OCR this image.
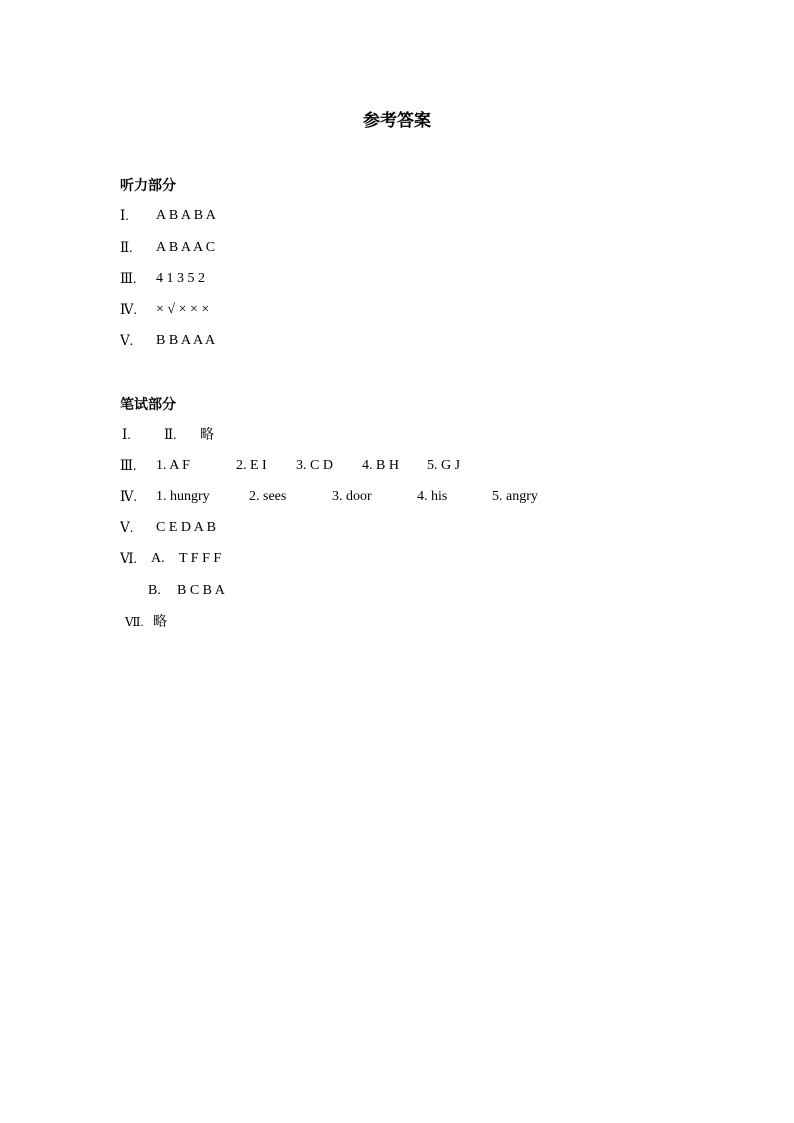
参考答案
听力部分
Ⅰ. A B A B A
Ⅱ. A B A A C
Ⅲ. 4 1 3 5 2
Ⅳ. × √ × × ×
Ⅴ. B B A A A
笔试部分
Ⅰ. Ⅱ. 略
Ⅲ. 1. A F	2. E I 3. C D 4. B H 5. G J
Ⅳ. 1. hungry	2. sees	3. door	4. his	5. angry
Ⅴ. C E D A B
Ⅵ. A. T F F F
B. B C B A
Ⅶ. 略
